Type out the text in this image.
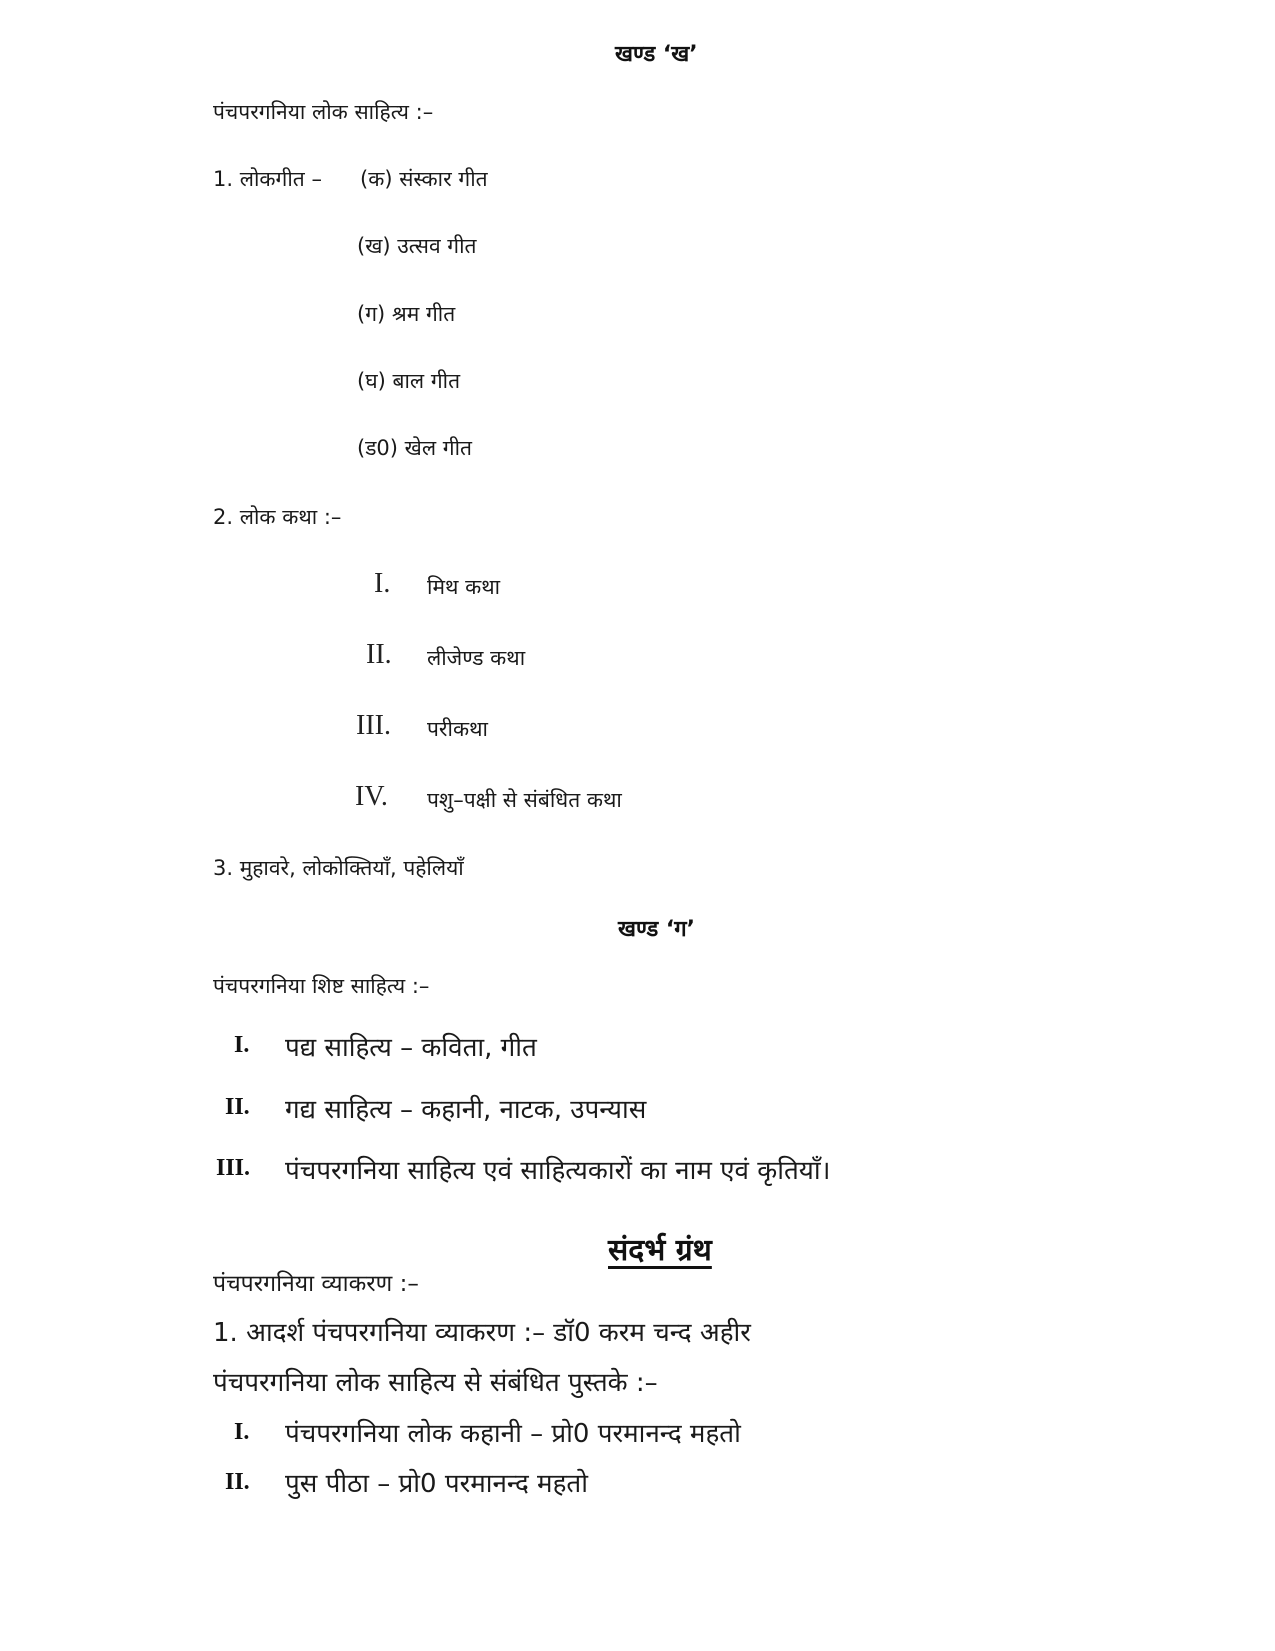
खण्ड ‘ख’
पंचपरगनिया लोक साहित्य :–
1. लोकगीत – (क) संस्कार गीत
(ख) उत्सव गीत
(ग) श्रम गीत
(घ) बाल गीत
(ड0) खेल गीत
2. लोक कथा :–
I. मिथ कथा
II. लीजेण्ड कथा
III. परीकथा
IV. पशु–पक्षी से संबंधित कथा
3. मुहावरे, लोकोक्तियाँ, पहेलियाँ
खण्ड ‘ग’
पंचपरगनिया शिष्ट साहित्य :–
I. पद्य साहित्य – कविता, गीत
II. गद्य साहित्य – कहानी, नाटक, उपन्यास
III. पंचपरगनिया साहित्य एवं साहित्यकारों का नाम एवं कृतियाँ।
संदर्भ ग्रंथ
पंचपरगनिया व्याकरण :–
1. आदर्श पंचपरगनिया व्याकरण :– डॉ0 करम चन्द अहीर
पंचपरगनिया लोक साहित्य से संबंधित पुस्तके :–
I. पंचपरगनिया लोक कहानी – प्रो0 परमानन्द महतो
II. पुस पीठा – प्रो0 परमानन्द महतो
